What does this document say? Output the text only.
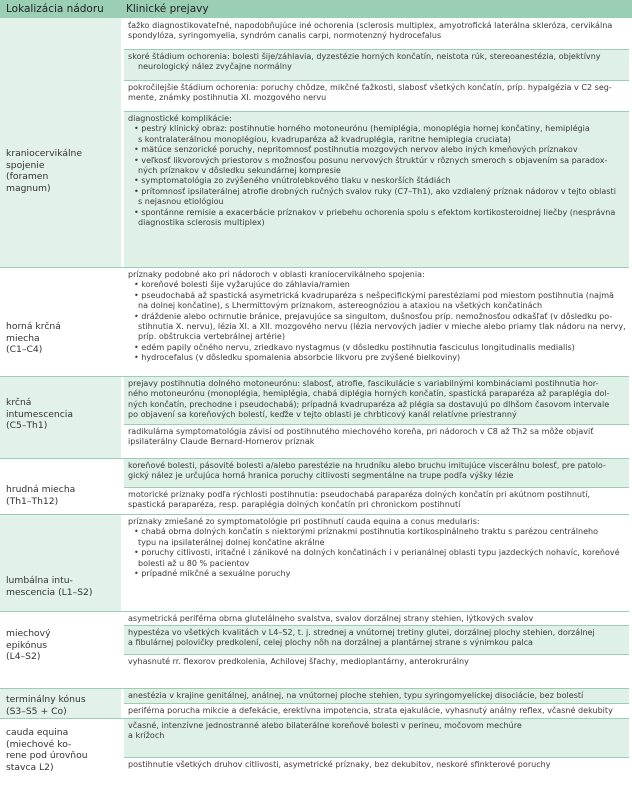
Lokalizácia nádoru Klinické prejavy
kraniocervikálne
spojenie
(foramen
magnum)
ťažko diagnostikovateľné, napodobňujúce iné ochorenia (sclerosis multiplex, amyotrofická laterálna skleróza, cervikálna
spondylóza, syringomyelia, syndróm canalis carpi, normotenzný hydrocefalus
skoré štádium ochorenia: bolesti šije/záhlavia, dyzestézie horných končatín, neistota rúk, stereoanestézia, objektívny
neurologický nález zvyčajne normálny
pokročilejšie štádium ochorenia: poruchy chôdze, mikčné ťažkosti, slabosť všetkých končatín, príp. hypalgézia v C2 seg-
mente, známky postihnutia XI. mozgového nervu
diagnostické komplikácie:
• pestrý klinický obraz: postihnutie horného motoneurónu (hemiplégia, monoplégia hornej končatiny, hemiplégia
s kontralaterálnou monoplégiou, kvadruparéza až kvadruplégia, raritne hemiplegia cruciata)
• mätúce senzorické poruchy, nepritomnosť postihnutia mozgových nervov alebo iných kmeňových príznakov
• veľkosť likvorových priestorov s možnosťou posunu nervových štruktúr v rôznych smeroch s objavením sa paradox-
ných príznakov v dôsledku sekundárnej kompresie
• symptomatológia zo zvýšeného vnútrolebkového tlaku v neskorších štádiách
• prítomnosť ipsilaterálnej atrofie drobných ručných svalov ruky (C7–Th1), ako vzdialený príznak nádorov v tejto oblasti
s nejasnou etiológiou
• spontánne remisie a exacerbácie príznakov v priebehu ochorenia spolu s efektom kortikosteroidnej liečby (nesprávna
diagnostika sclerosis multiplex)
horná krčná
miecha
(C1–C4)
príznaky podobné ako pri nádoroch v oblasti kraniocervikálneho spojenia:
• koreňové bolesti šije vyžarujúce do záhlavia/ramien
• pseudochabá až spastická asymetrická kvadruparéza s nešpecifickými parestéziami pod miestom postihnutia (najmä
na dolnej končatine), s Lhermittovým príznakom, astereognóziou a ataxiou na všetkých končatinách
• dráždenie alebo ochrnutie bránice, prejavujúce sa singultom, dušnosťou príp. nemožnosťou odkašľať (v dôsledku po-
stihnutia X. nervu), lézia XI. a XII. mozgového nervu (lézia nervových jadier v mieche alebo priamy tlak nádoru na nervy,
príp. obštrukcia vertebrálnej artérie)
• edém papily očného nervu, zriedkavo nystagmus (v dôsledku postihnutia fasciculus longitudinalis medialis)
• hydrocefalus (v dôsledku spomalenia absorbcie likvoru pre zvýšené bielkoviny)
krčná
intumescencia
(C5–Th1)
prejavy postihnutia dolného motoneurónu: slabosť, atrofie, fascikulácie s variabilnými kombináciami postihnutia hor-
ného motoneurónu (monoplégia, hemiplégia, chabá diplégia horných končatín, spastická paraparéza až paraplégia dol-
ných končatín, prechodne i pseudochabá); prípadná kvadruparéza až plégia sa dostavujú po dlhšom časovom intervale
po objavení sa koreňových bolestí, keďže v tejto oblasti je chrbticový kanál relatívne priestranný
radikulárna symptomatológia závisí od postihnutého miechového koreňa, pri nádoroch v C8 až Th2 sa môže objaviť
ipsilaterálny Claude Bernard-Hornerov príznak
hrudná miecha
(Th1–Th12)
koreňové bolesti, pásovité bolesti a/alebo parestézie na hrudníku alebo bruchu imitujúce viscerálnu bolesť, pre patolo-
gický nález je určujúca horná hranica poruchy citlivosti segmentálne na trupe podľa výšky lézie
motorické príznaky podľa rýchlosti postihnutia: pseudochabá paraparéza dolných končatín pri akútnom postihnutí,
spastická paraparéza, resp. paraplégia dolných končatín pri chronickom postihnutí
lumbálna intu-
mescencia (L1–S2)
príznaky zmiešané zo symptomatológie pri postihnutí cauda equina a conus medularis:
• chabá obrna dolných končatín s niektorými príznakmi postihnutia kortikospinálneho traktu s parézou centrálneho
typu na ipsilaterálnej dolnej končatine akrálne
• poruchy citlivosti, iritačné i zánikové na dolných končatinách i v perianálnej oblasti typu jazdeckých nohavíc, koreňové
bolesti až u 80 % pacientov
• prípadné mikčné a sexuálne poruchy
miechový
epikónus
(L4–S2)
asymetrická periférna obrna glutelálneho svalstva, svalov dorzálnej strany stehien, lýtkových svalov
hypestéza vo všetkých kvalitách v L4–S2, t. j. strednej a vnútornej tretiny glutei, dorzálnej plochy stehien, dorzálnej
a fibulárnej polovičky predkolení, celej plochy nôh na dorzálnej a plantárnej strane s výnimkou palca
vyhasnuté rr. flexorov predkolenia, Achilovej šľachy, medioplantárny, anterokrurálny
terminálny kónus
(S3–S5 + Co)
anestézia v krajine genitálnej, análnej, na vnútornej ploche stehien, typu syringomyelickej disociácie, bez bolestí
periférna porucha mikcie a defekácie, erektívna impotencia, strata ejakulácie, vyhasnutý análny reflex, včasné dekubity
cauda equina
(miechové ko-
rene pod úrovňou
stavca L2)
včasné, intenzívne jednostranné alebo bilaterálne koreňové bolesti v perineu, močovom mechúre
a krížoch
postihnutie všetkých druhov citlivosti, asymetrické príznaky, bez dekubitov, neskoré sfinkterové poruchy
